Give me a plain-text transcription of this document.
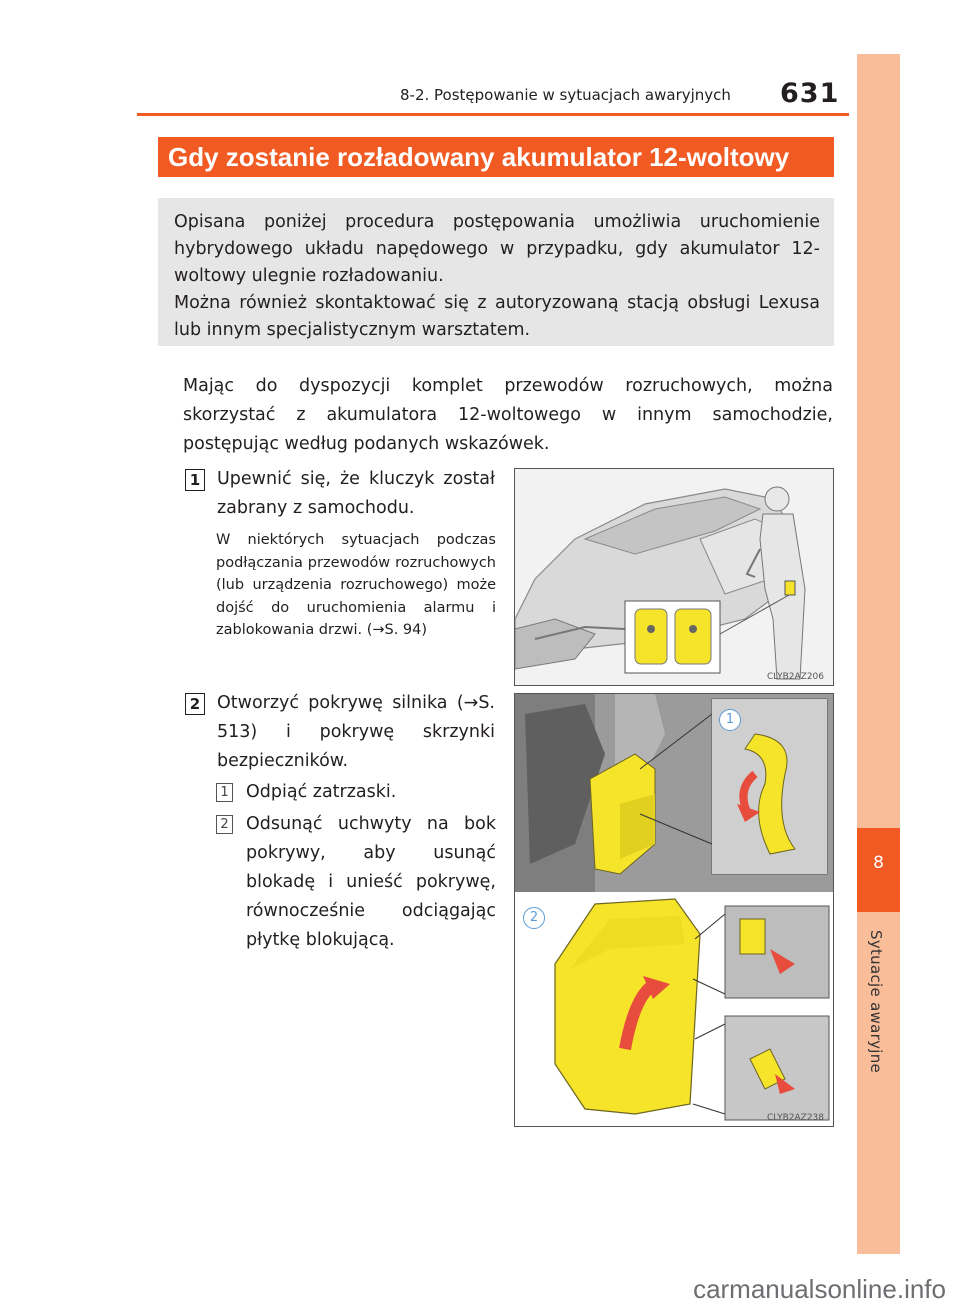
8
Sytuacje awaryjne
8-2. Postępowanie w sytuacjach awaryjnych 631
Gdy zostanie rozładowany akumulator 12-woltowy

Opisana poniżej procedura postępowania umożliwia uruchomienie hybrydowego układu napędowego w przypadku, gdy akumulator 12-woltowy ulegnie rozładowaniu.

Można również skontaktować się z autoryzowaną stacją obsługi Lexusa lub innym specjalistycznym warsztatem.

Mając do dyspozycji komplet przewodów rozruchowych, można skorzystać z akumulatora 12-woltowego w innym samochodzie, postępując według podanych wskazówek.

1 Upewnić się, że kluczyk został zabrany z samochodu.

W niektórych sytuacjach podczas podłączania przewodów rozruchowych (lub urządzenia rozruchowego) może dojść do uruchomienia alarmu i zablokowania drzwi. (→S. 94)

2 Otworzyć pokrywę silnika (→S. 513) i pokrywę skrzynki bezpieczników.

1 Odpiąć zatrzaski.

2 Odsunąć uchwyty na bok pokrywy, aby usunąć blokadę i unieść pokrywę, równocześnie odciągając płytkę blokującą.

CLYB2AZ206
1
2
CLYB2AZ238
carmanualsonline.info
